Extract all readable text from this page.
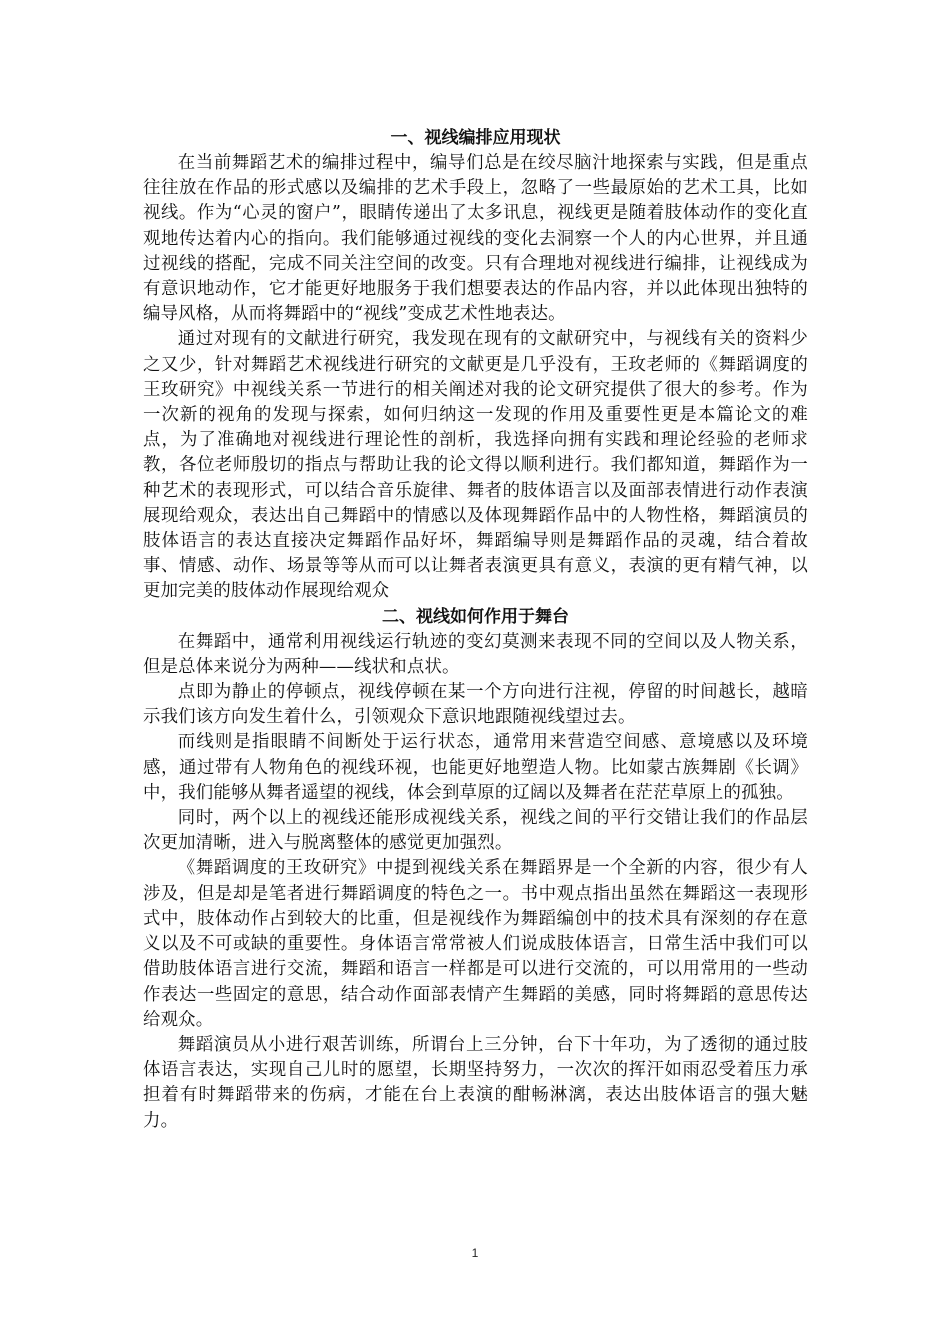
一、视线编排应用现状

在当前舞蹈艺术的编排过程中，编导们总是在绞尽脑汁地探索与实践，但是重点往往放在作品的形式感以及编排的艺术手段上，忽略了一些最原始的艺术工具，比如视线。作为“心灵的窗户”，眼睛传递出了太多讯息，视线更是随着肢体动作的变化直观地传达着内心的指向。我们能够通过视线的变化去洞察一个人的内心世界，并且通过视线的搭配，完成不同关注空间的改变。只有合理地对视线进行编排，让视线成为有意识地动作，它才能更好地服务于我们想要表达的作品内容，并以此体现出独特的编导风格，从而将舞蹈中的“视线”变成艺术性地表达。

通过对现有的文献进行研究，我发现在现有的文献研究中，与视线有关的资料少之又少，针对舞蹈艺术视线进行研究的文献更是几乎没有，王玫老师的《舞蹈调度的王玫研究》中视线关系一节进行的相关阐述对我的论文研究提供了很大的参考。作为一次新的视角的发现与探索，如何归纳这一发现的作用及重要性更是本篇论文的难点，为了准确地对视线进行理论性的剖析，我选择向拥有实践和理论经验的老师求教，各位老师殷切的指点与帮助让我的论文得以顺利进行。我们都知道，舞蹈作为一种艺术的表现形式，可以结合音乐旋律、舞者的肢体语言以及面部表情进行动作表演展现给观众，表达出自己舞蹈中的情感以及体现舞蹈作品中的人物性格，舞蹈演员的肢体语言的表达直接决定舞蹈作品好坏，舞蹈编导则是舞蹈作品的灵魂，结合着故事、情感、动作、场景等等从而可以让舞者表演更具有意义，表演的更有精气神，以更加完美的肢体动作展现给观众

二、视线如何作用于舞台

在舞蹈中，通常利用视线运行轨迹的变幻莫测来表现不同的空间以及人物关系，但是总体来说分为两种——线状和点状。

点即为静止的停顿点，视线停顿在某一个方向进行注视，停留的时间越长，越暗示我们该方向发生着什么，引领观众下意识地跟随视线望过去。

而线则是指眼睛不间断处于运行状态，通常用来营造空间感、意境感以及环境感，通过带有人物角色的视线环视，也能更好地塑造人物。比如蒙古族舞剧《长调》中，我们能够从舞者遥望的视线，体会到草原的辽阔以及舞者在茫茫草原上的孤独。

同时，两个以上的视线还能形成视线关系，视线之间的平行交错让我们的作品层次更加清晰，进入与脱离整体的感觉更加强烈。

《舞蹈调度的王玫研究》中提到视线关系在舞蹈界是一个全新的内容，很少有人涉及，但是却是笔者进行舞蹈调度的特色之一。书中观点指出虽然在舞蹈这一表现形式中，肢体动作占到较大的比重，但是视线作为舞蹈编创中的技术具有深刻的存在意义以及不可或缺的重要性。身体语言常常被人们说成肢体语言，日常生活中我们可以借助肢体语言进行交流，舞蹈和语言一样都是可以进行交流的，可以用常用的一些动作表达一些固定的意思，结合动作面部表情产生舞蹈的美感，同时将舞蹈的意思传达给观众。

舞蹈演员从小进行艰苦训练，所谓台上三分钟，台下十年功，为了透彻的通过肢体语言表达，实现自己儿时的愿望，长期坚持努力，一次次的挥汗如雨忍受着压力承担着有时舞蹈带来的伤病，才能在台上表演的酣畅淋漓，表达出肢体语言的强大魅力。

1
